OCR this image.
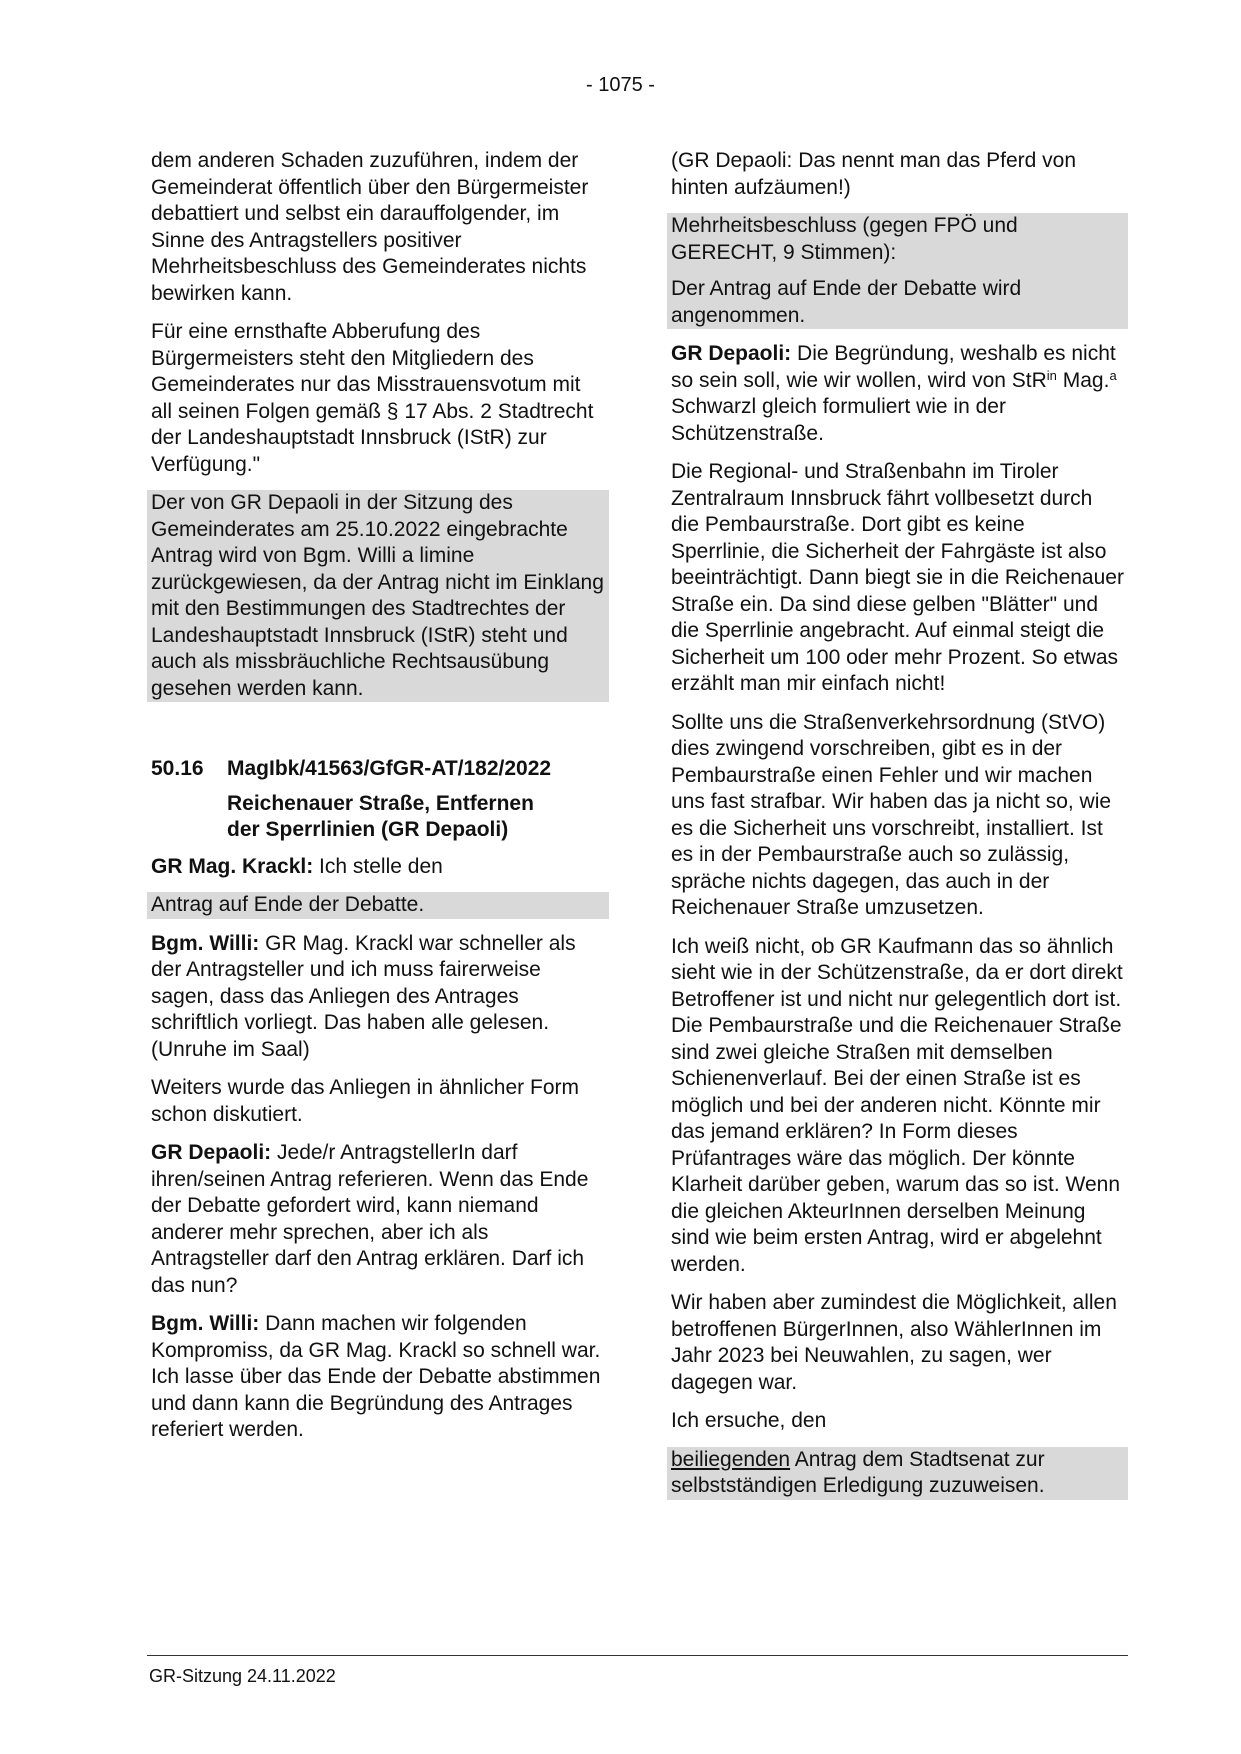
- 1075 -

dem anderen Schaden zuzuführen, indem der Gemeinderat öffentlich über den Bürgermeister debattiert und selbst ein darauffolgender, im Sinne des Antragstellers positiver Mehrheitsbeschluss des Gemeinderates nichts bewirken kann.

Für eine ernsthafte Abberufung des Bürgermeisters steht den Mitgliedern des Gemeinderates nur das Misstrauensvotum mit all seinen Folgen gemäß § 17 Abs. 2 Stadtrecht der Landeshauptstadt Innsbruck (IStR) zur Verfügung."

Der von GR Depaoli in der Sitzung des Gemeinderates am 25.10.2022 eingebrachte Antrag wird von Bgm. Willi a limine zurückgewiesen, da der Antrag nicht im Einklang mit den Bestimmungen des Stadtrechtes der Landeshauptstadt Innsbruck (IStR) steht und auch als missbräuchliche Rechtsausübung gesehen werden kann.

50.16 MagIbk/41563/GfGR-AT/182/2022
Reichenauer Straße, Entfernen
der Sperrlinien (GR Depaoli)

GR Mag. Krackl: Ich stelle den

Antrag auf Ende der Debatte.

Bgm. Willi: GR Mag. Krackl war schneller als der Antragsteller und ich muss fairerweise sagen, dass das Anliegen des Antrages schriftlich vorliegt. Das haben alle gelesen. (Unruhe im Saal)

Weiters wurde das Anliegen in ähnlicher Form schon diskutiert.

GR Depaoli: Jede/r AntragstellerIn darf ihren/seinen Antrag referieren. Wenn das Ende der Debatte gefordert wird, kann niemand anderer mehr sprechen, aber ich als Antragsteller darf den Antrag erklären. Darf ich das nun?

Bgm. Willi: Dann machen wir folgenden Kompromiss, da GR Mag. Krackl so schnell war. Ich lasse über das Ende der Debatte abstimmen und dann kann die Begründung des Antrages referiert werden.

(GR Depaoli: Das nennt man das Pferd von hinten aufzäumen!)

Mehrheitsbeschluss (gegen FPÖ und GERECHT, 9 Stimmen):

Der Antrag auf Ende der Debatte wird angenommen.

GR Depaoli: Die Begründung, weshalb es nicht so sein soll, wie wir wollen, wird von StR$^{in}$ Mag.$^a$ Schwarzl gleich formuliert wie in der Schützenstraße.

Die Regional- und Straßenbahn im Tiroler Zentralraum Innsbruck fährt vollbesetzt durch die Pembaurstraße. Dort gibt es keine Sperrlinie, die Sicherheit der Fahrgäste ist also beeinträchtigt. Dann biegt sie in die Reichenauer Straße ein. Da sind diese gelben "Blätter" und die Sperrlinie angebracht. Auf einmal steigt die Sicherheit um 100 oder mehr Prozent. So etwas erzählt man mir einfach nicht!

Sollte uns die Straßenverkehrsordnung (StVO) dies zwingend vorschreiben, gibt es in der Pembaurstraße einen Fehler und wir machen uns fast strafbar. Wir haben das ja nicht so, wie es die Sicherheit uns vorschreibt, installiert. Ist es in der Pembaurstraße auch so zulässig, spräche nichts dagegen, das auch in der Reichenauer Straße umzusetzen.

Ich weiß nicht, ob GR Kaufmann das so ähnlich sieht wie in der Schützenstraße, da er dort direkt Betroffener ist und nicht nur gelegentlich dort ist. Die Pembaurstraße und die Reichenauer Straße sind zwei gleiche Straßen mit demselben Schienenverlauf. Bei der einen Straße ist es möglich und bei der anderen nicht. Könnte mir das jemand erklären? In Form dieses Prüfantrages wäre das möglich. Der könnte Klarheit darüber geben, warum das so ist. Wenn die gleichen AkteurInnen derselben Meinung sind wie beim ersten Antrag, wird er abgelehnt werden.

Wir haben aber zumindest die Möglichkeit, allen betroffenen BürgerInnen, also WählerInnen im Jahr 2023 bei Neuwahlen, zu sagen, wer dagegen war.

Ich ersuche, den

beiliegenden Antrag dem Stadtsenat zur selbstständigen Erledigung zuzuweisen.

GR-Sitzung 24.11.2022
